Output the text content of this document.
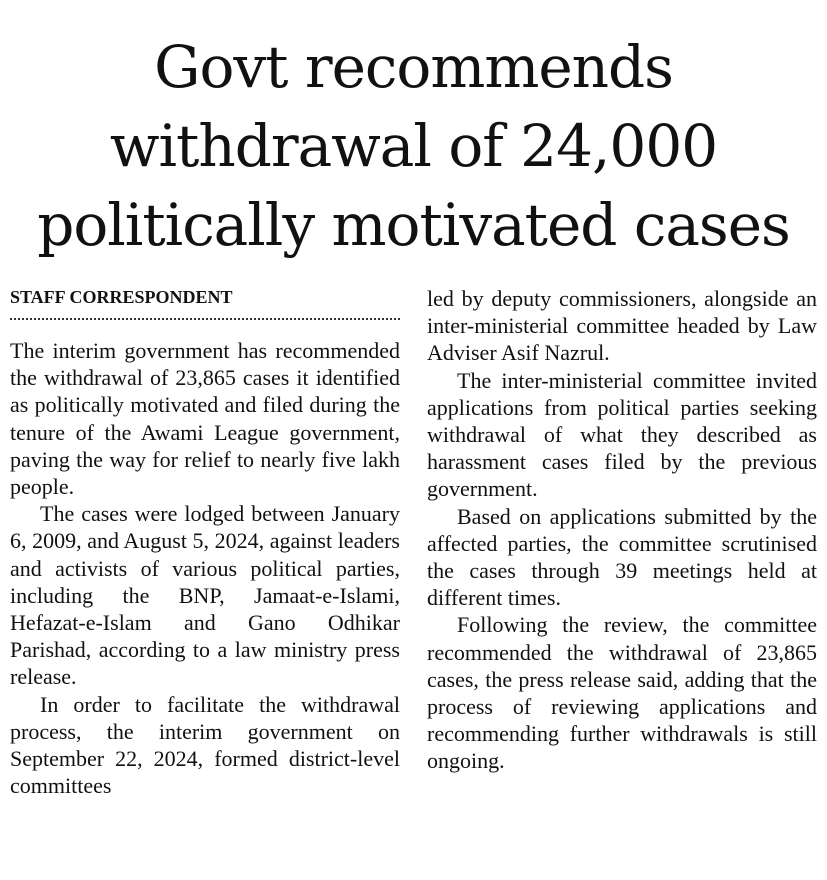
Govt recommends
withdrawal of 24,000
politically motivated cases
STAFF CORRESPONDENT

The interim government has recommended the withdrawal of 23,865 cases it identified as politically motivated and filed during the tenure of the Awami League government, paving the way for relief to nearly five lakh people.

The cases were lodged between January 6, 2009, and August 5, 2024, against leaders and activists of various political parties, including the BNP, Jamaat-e-Islami, Hefazat-e-Islam and Gano Odhikar Parishad, according to a law ministry press release.

In order to facilitate the withdrawal process, the interim government on September 22, 2024, formed district-level committees

led by deputy commissioners, alongside an inter-ministerial committee headed by Law Adviser Asif Nazrul.

The inter-ministerial committee invited applications from political parties seeking withdrawal of what they described as harassment cases filed by the previous government.

Based on applications submitted by the affected parties, the committee scrutinised the cases through 39 meetings held at different times.

Following the review, the committee recommended the withdrawal of 23,865 cases, the press release said, adding that the process of reviewing applications and recommending further withdrawals is still ongoing.
